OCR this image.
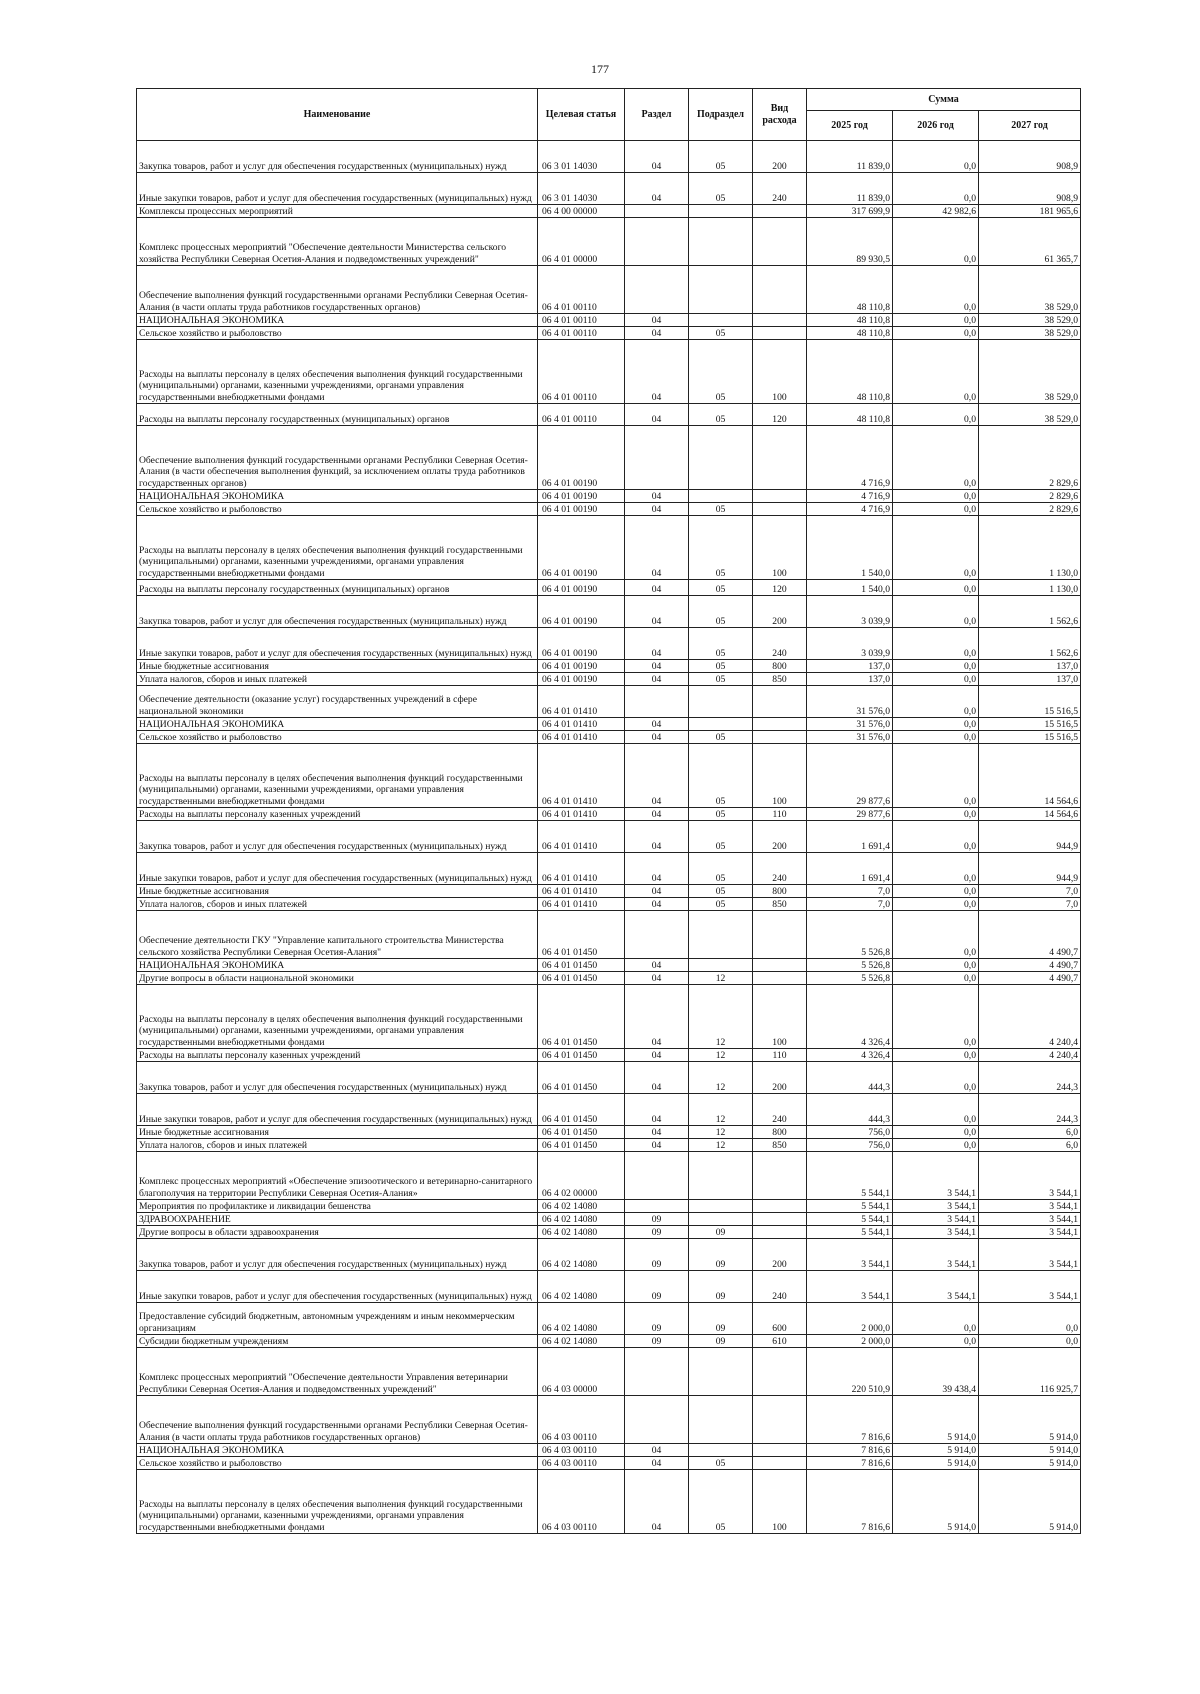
177
Наименование	Целевая статья	Раздел	Подраздел	Вид расхода	Сумма		
					2025 год	2026 год	2027 год
Закупка товаров, работ и услуг для обеспечения государственных (муниципальных) нужд	06 3 01 14030	04	05	200	11 839,0	0,0	908,9
Иные закупки товаров, работ и услуг для обеспечения государственных (муниципальных) нужд	06 3 01 14030	04	05	240	11 839,0	0,0	908,9
Комплексы процессных мероприятий	06 4 00 00000				317 699,9	42 982,6	181 965,6
Комплекс процессных мероприятий "Обеспечение деятельности Министерства сельского хозяйства Республики Северная Осетия-Алания и подведомственных учреждений"	06 4 01 00000				89 930,5	0,0	61 365,7
Обеспечение выполнения функций государственными органами Республики Северная Осетия-Алания (в части оплаты труда работников государственных органов)	06 4 01 00110				48 110,8	0,0	38 529,0
НАЦИОНАЛЬНАЯ ЭКОНОМИКА	06 4 01 00110	04			48 110,8	0,0	38 529,0
Сельское хозяйство и рыболовство	06 4 01 00110	04	05		48 110,8	0,0	38 529,0
Расходы на выплаты персоналу в целях обеспечения выполнения функций государственными (муниципальными) органами, казенными учреждениями, органами управления государственными внебюджетными фондами	06 4 01 00110	04	05	100	48 110,8	0,0	38 529,0
Расходы на выплаты персоналу государственных (муниципальных) органов	06 4 01 00110	04	05	120	48 110,8	0,0	38 529,0
Обеспечение выполнения функций государственными органами Республики Северная Осетия-Алания (в части обеспечения выполнения функций, за исключением оплаты труда работников государственных органов)	06 4 01 00190				4 716,9	0,0	2 829,6
НАЦИОНАЛЬНАЯ ЭКОНОМИКА	06 4 01 00190	04			4 716,9	0,0	2 829,6
Сельское хозяйство и рыболовство	06 4 01 00190	04	05		4 716,9	0,0	2 829,6
Расходы на выплаты персоналу в целях обеспечения выполнения функций государственными (муниципальными) органами, казенными учреждениями, органами управления государственными внебюджетными фондами	06 4 01 00190	04	05	100	1 540,0	0,0	1 130,0
Расходы на выплаты персоналу государственных (муниципальных) органов	06 4 01 00190	04	05	120	1 540,0	0,0	1 130,0
Закупка товаров, работ и услуг для обеспечения государственных (муниципальных) нужд	06 4 01 00190	04	05	200	3 039,9	0,0	1 562,6
Иные закупки товаров, работ и услуг для обеспечения государственных (муниципальных) нужд	06 4 01 00190	04	05	240	3 039,9	0,0	1 562,6
Иные бюджетные ассигнования	06 4 01 00190	04	05	800	137,0	0,0	137,0
Уплата налогов, сборов и иных платежей	06 4 01 00190	04	05	850	137,0	0,0	137,0
Обеспечение деятельности (оказание услуг) государственных учреждений в сфере национальной экономики	06 4 01 01410				31 576,0	0,0	15 516,5
НАЦИОНАЛЬНАЯ ЭКОНОМИКА	06 4 01 01410	04			31 576,0	0,0	15 516,5
Сельское хозяйство и рыболовство	06 4 01 01410	04	05		31 576,0	0,0	15 516,5
Расходы на выплаты персоналу в целях обеспечения выполнения функций государственными (муниципальными) органами, казенными учреждениями, органами управления государственными внебюджетными фондами	06 4 01 01410	04	05	100	29 877,6	0,0	14 564,6
Расходы на выплаты персоналу казенных учреждений	06 4 01 01410	04	05	110	29 877,6	0,0	14 564,6
Закупка товаров, работ и услуг для обеспечения государственных (муниципальных) нужд	06 4 01 01410	04	05	200	1 691,4	0,0	944,9
Иные закупки товаров, работ и услуг для обеспечения государственных (муниципальных) нужд	06 4 01 01410	04	05	240	1 691,4	0,0	944,9
Иные бюджетные ассигнования	06 4 01 01410	04	05	800	7,0	0,0	7,0
Уплата налогов, сборов и иных платежей	06 4 01 01410	04	05	850	7,0	0,0	7,0
Обеспечение деятельности ГКУ "Управление капитального строительства Министерства сельского хозяйства Республики Северная Осетия-Алания"	06 4 01 01450				5 526,8	0,0	4 490,7
НАЦИОНАЛЬНАЯ ЭКОНОМИКА	06 4 01 01450	04			5 526,8	0,0	4 490,7
Другие вопросы в области национальной экономики	06 4 01 01450	04	12		5 526,8	0,0	4 490,7
Расходы на выплаты персоналу в целях обеспечения выполнения функций государственными (муниципальными) органами, казенными учреждениями, органами управления государственными внебюджетными фондами	06 4 01 01450	04	12	100	4 326,4	0,0	4 240,4
Расходы на выплаты персоналу казенных учреждений	06 4 01 01450	04	12	110	4 326,4	0,0	4 240,4
Закупка товаров, работ и услуг для обеспечения государственных (муниципальных) нужд	06 4 01 01450	04	12	200	444,3	0,0	244,3
Иные закупки товаров, работ и услуг для обеспечения государственных (муниципальных) нужд	06 4 01 01450	04	12	240	444,3	0,0	244,3
Иные бюджетные ассигнования	06 4 01 01450	04	12	800	756,0	0,0	6,0
Уплата налогов, сборов и иных платежей	06 4 01 01450	04	12	850	756,0	0,0	6,0
Комплекс процессных мероприятий «Обеспечение эпизоотического и ветеринарно-санитарного благополучия на территории Республики Северная Осетия-Алания»	06 4 02 00000				5 544,1	3 544,1	3 544,1
Мероприятия по профилактике и ликвидации бешенства	06 4 02 14080				5 544,1	3 544,1	3 544,1
ЗДРАВООХРАНЕНИЕ	06 4 02 14080	09			5 544,1	3 544,1	3 544,1
Другие вопросы в области здравоохранения	06 4 02 14080	09	09		5 544,1	3 544,1	3 544,1
Закупка товаров, работ и услуг для обеспечения государственных (муниципальных) нужд	06 4 02 14080	09	09	200	3 544,1	3 544,1	3 544,1
Иные закупки товаров, работ и услуг для обеспечения государственных (муниципальных) нужд	06 4 02 14080	09	09	240	3 544,1	3 544,1	3 544,1
Предоставление субсидий бюджетным, автономным учреждениям и иным некоммерческим организациям	06 4 02 14080	09	09	600	2 000,0	0,0	0,0
Субсидии бюджетным учреждениям	06 4 02 14080	09	09	610	2 000,0	0,0	0,0
Комплекс процессных мероприятий "Обеспечение деятельности Управления ветеринарии Республики Северная Осетия-Алания и подведомственных учреждений"	06 4 03 00000				220 510,9	39 438,4	116 925,7
Обеспечение выполнения функций государственными органами Республики Северная Осетия-Алания (в части оплаты труда работников государственных органов)	06 4 03 00110				7 816,6	5 914,0	5 914,0
НАЦИОНАЛЬНАЯ ЭКОНОМИКА	06 4 03 00110	04			7 816,6	5 914,0	5 914,0
Сельское хозяйство и рыболовство	06 4 03 00110	04	05		7 816,6	5 914,0	5 914,0
Расходы на выплаты персоналу в целях обеспечения выполнения функций государственными (муниципальными) органами, казенными учреждениями, органами управления государственными внебюджетными фондами	06 4 03 00110	04	05	100	7 816,6	5 914,0	5 914,0
